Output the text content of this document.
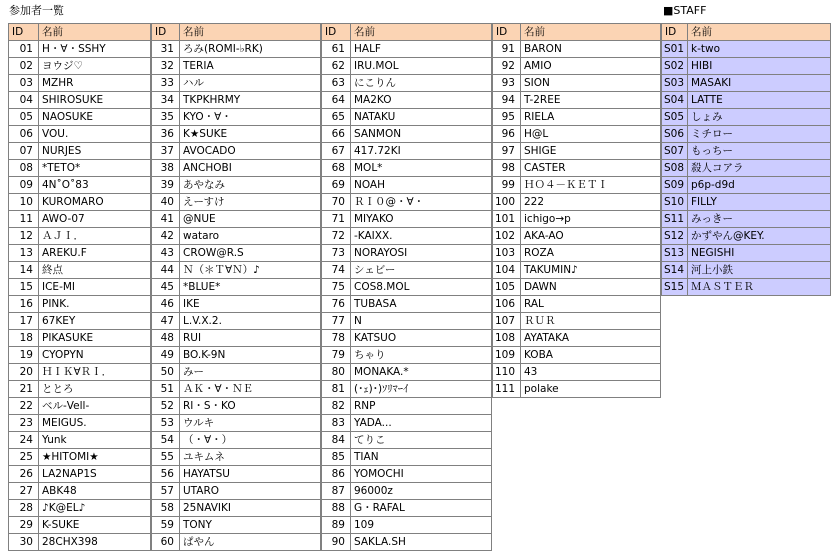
参加者一覧	■STAFF
ID	名前
01	H・∀・SSHY
02	ヨウジ♡
03	MZHR
04	SHIROSUKE
05	NAOSUKE
06	VOU.
07	NURJES
08	*TETO*
09	4N˚O˚83
10	KUROMARO
11	AWO-07
12	ＡＪＩ．
13	AREKU.F
14	終点
15	ICE-MI
16	PINK.
17	67KEY
18	PIKASUKE
19	CYOPYN
20	ＨＩＫ∀ＲＩ．
21	ととろ
22	ベル-Vell-
23	MEIGUS.
24	Yunk
25	★HITOMI★
26	LA2NAP1S
27	ABK48
28	♪K@EL♪
29	K-SUKE
30	28CHX398
ID	名前
31	ろみ(ROMI-♭RK)
32	TERIA
33	ハル
34	TKPKHRMY
35	KYO・∀・
36	K★SUKE
37	AVOCADO
38	ANCHOBI
39	あやなみ
40	えーすけ
41	@NUE
42	wataro
43	CROW@R.S
44	Ｎ（＊Ｔ∀Ｎ）♪
45	*BLUE*
46	IKE
47	L.V.X.2.
48	RUI
49	BO.K-9N
50	みー
51	ＡＫ・∀・ＮＥ
52	RI・S・KO
53	ウルキ
54	（・∀・）
55	ユキムネ
56	HAYATSU
57	UTARO
58	25NAVIKI
59	TONY
60	ぱやん
ID	名前
61	HALF
62	IRU.MOL
63	にこりん
64	MA2KO
65	NATAKU
66	SANMON
67	417.72KI
68	MOL*
69	NOAH
70	ＲＩ０@・∀・
71	MIYAKO
72	-KAIXX.
73	NORAYOSI
74	シェビー
75	COS8.MOL
76	TUBASA
77	N
78	KATSUO
79	ちゃり
80	MONAKA.*
81	(･ｪ)･)ｿﾘﾏｰｲ
82	RNP
83	YADA...
84	てりこ
85	TIAN
86	YOMOCHI
87	96000z
88	G・RAFAL
89	109
90	SAKLA.SH
ID	名前
91	BARON
92	AMIO
93	SION
94	T-2REE
95	RIELA
96	H@L
97	SHIGE
98	CASTER
99	ＨＯ４－ＫＥＴＩ
100	222
101	ichigo→p
102	AKA-AO
103	ROZA
104	TAKUMIN♪
105	DAWN
106	RAL
107	ＲＵＲ
108	AYATAKA
109	KOBA
110	43
111	polake
ID	名前
S01	k-two
S02	HIBI
S03	MASAKI
S04	LATTE
S05	しょみ
S06	ミチロー
S07	もっちー
S08	殺人コアラ
S09	p6p-d9d
S10	FILLY
S11	みっきー
S12	かずやん@KEY.
S13	NEGISHI
S14	河上小鉄
S15	ＭＡＳＴＥＲ
